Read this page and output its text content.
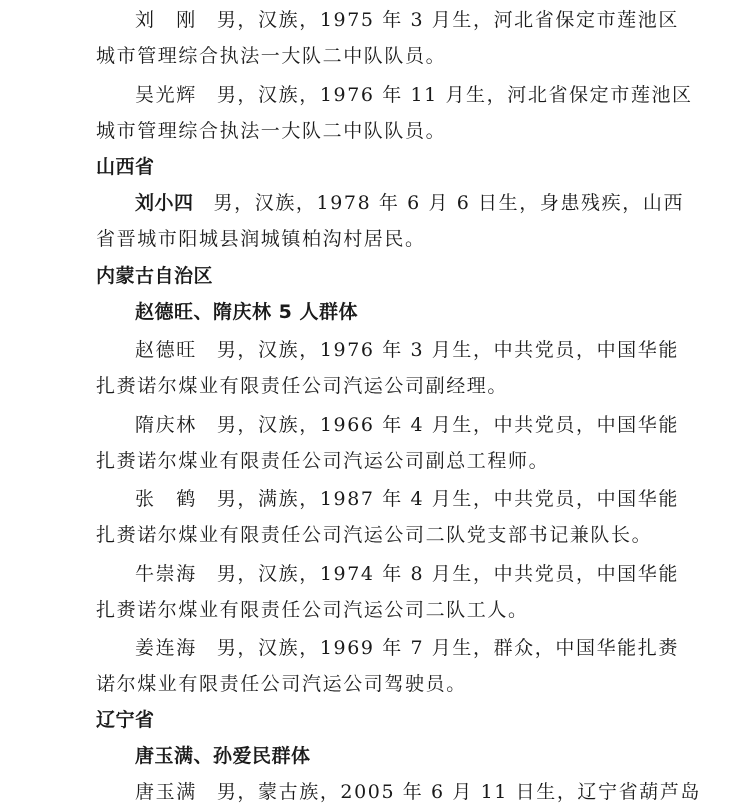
刘　刚 男，汉族，1975 年 3 月生，河北省保定市莲池区
城市管理综合执法一大队二中队队员。
吴光辉 男，汉族，1976 年 11 月生，河北省保定市莲池区
城市管理综合执法一大队二中队队员。
山西省
刘小四 男，汉族，1978 年 6 月 6 日生，身患残疾，山西
省晋城市阳城县润城镇柏沟村居民。
内蒙古自治区
赵德旺、隋庆林 5 人群体
赵德旺 男，汉族，1976 年 3 月生，中共党员，中国华能
扎赉诺尔煤业有限责任公司汽运公司副经理。
隋庆林 男，汉族，1966 年 4 月生，中共党员，中国华能
扎赉诺尔煤业有限责任公司汽运公司副总工程师。
张　鹤 男，满族，1987 年 4 月生，中共党员，中国华能
扎赉诺尔煤业有限责任公司汽运公司二队党支部书记兼队长。
牛崇海 男，汉族，1974 年 8 月生，中共党员，中国华能
扎赉诺尔煤业有限责任公司汽运公司二队工人。
姜连海 男，汉族，1969 年 7 月生，群众，中国华能扎赉
诺尔煤业有限责任公司汽运公司驾驶员。
辽宁省
唐玉满、孙爱民群体
唐玉满 男，蒙古族，2005 年 6 月 11 日生，辽宁省葫芦岛
